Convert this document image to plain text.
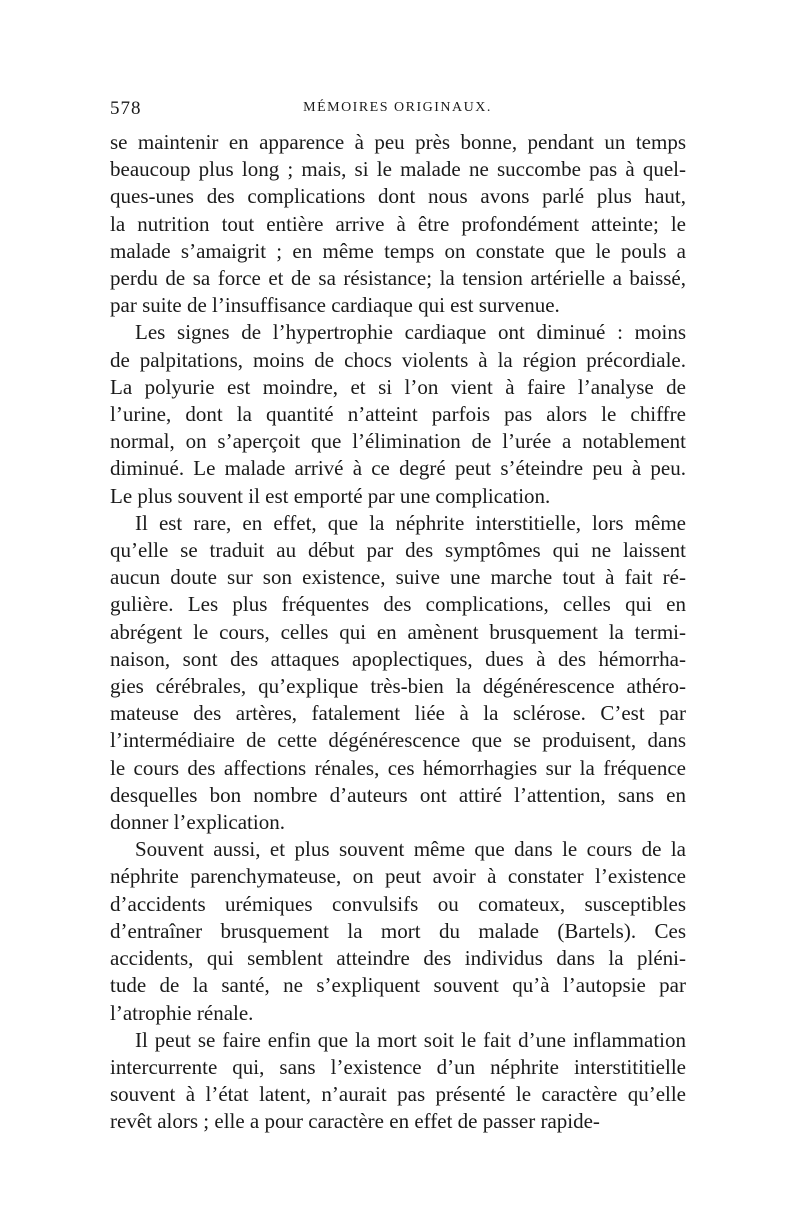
578	MÉMOIRES ORIGINAUX.

se maintenir en apparence à peu près bonne, pendant un temps

beaucoup plus long ; mais, si le malade ne succombe pas à quel-

ques-unes des complications dont nous avons parlé plus haut,

la nutrition tout entière arrive à être profondément atteinte; le

malade s’amaigrit ; en même temps on constate que le pouls a

perdu de sa force et de sa résistance; la tension artérielle a baissé,

par suite de l’insuffisance cardiaque qui est survenue.

Les signes de l’hypertrophie cardiaque ont diminué : moins

de palpitations, moins de chocs violents à la région précordiale.

La polyurie est moindre, et si l’on vient à faire l’analyse de

l’urine, dont la quantité n’atteint parfois pas alors le chiffre

normal, on s’aperçoit que l’élimination de l’urée a notablement

diminué. Le malade arrivé à ce degré peut s’éteindre peu à peu.

Le plus souvent il est emporté par une complication.

Il est rare, en effet, que la néphrite interstitielle, lors même

qu’elle se traduit au début par des symptômes qui ne laissent

aucun doute sur son existence, suive une marche tout à fait ré-

gulière. Les plus fréquentes des complications, celles qui en

abrégent le cours, celles qui en amènent brusquement la termi-

naison, sont des attaques apoplectiques, dues à des hémorrha-

gies cérébrales, qu’explique très-bien la dégénérescence athéro-

mateuse des artères, fatalement liée à la sclérose. C’est par

l’intermédiaire de cette dégénérescence que se produisent, dans

le cours des affections rénales, ces hémorrhagies sur la fréquence

desquelles bon nombre d’auteurs ont attiré l’attention, sans en

donner l’explication.

Souvent aussi, et plus souvent même que dans le cours de la

néphrite parenchymateuse, on peut avoir à constater l’existence

d’accidents urémiques convulsifs ou comateux, susceptibles

d’entraîner brusquement la mort du malade (Bartels). Ces

accidents, qui semblent atteindre des individus dans la pléni-

tude de la santé, ne s’expliquent souvent qu’à l’autopsie par

l’atrophie rénale.

Il peut se faire enfin que la mort soit le fait d’une inflammation

intercurrente qui, sans l’existence d’un néphrite interstititielle

souvent à l’état latent, n’aurait pas présenté le caractère qu’elle

revêt alors ; elle a pour caractère en effet de passer rapide-
